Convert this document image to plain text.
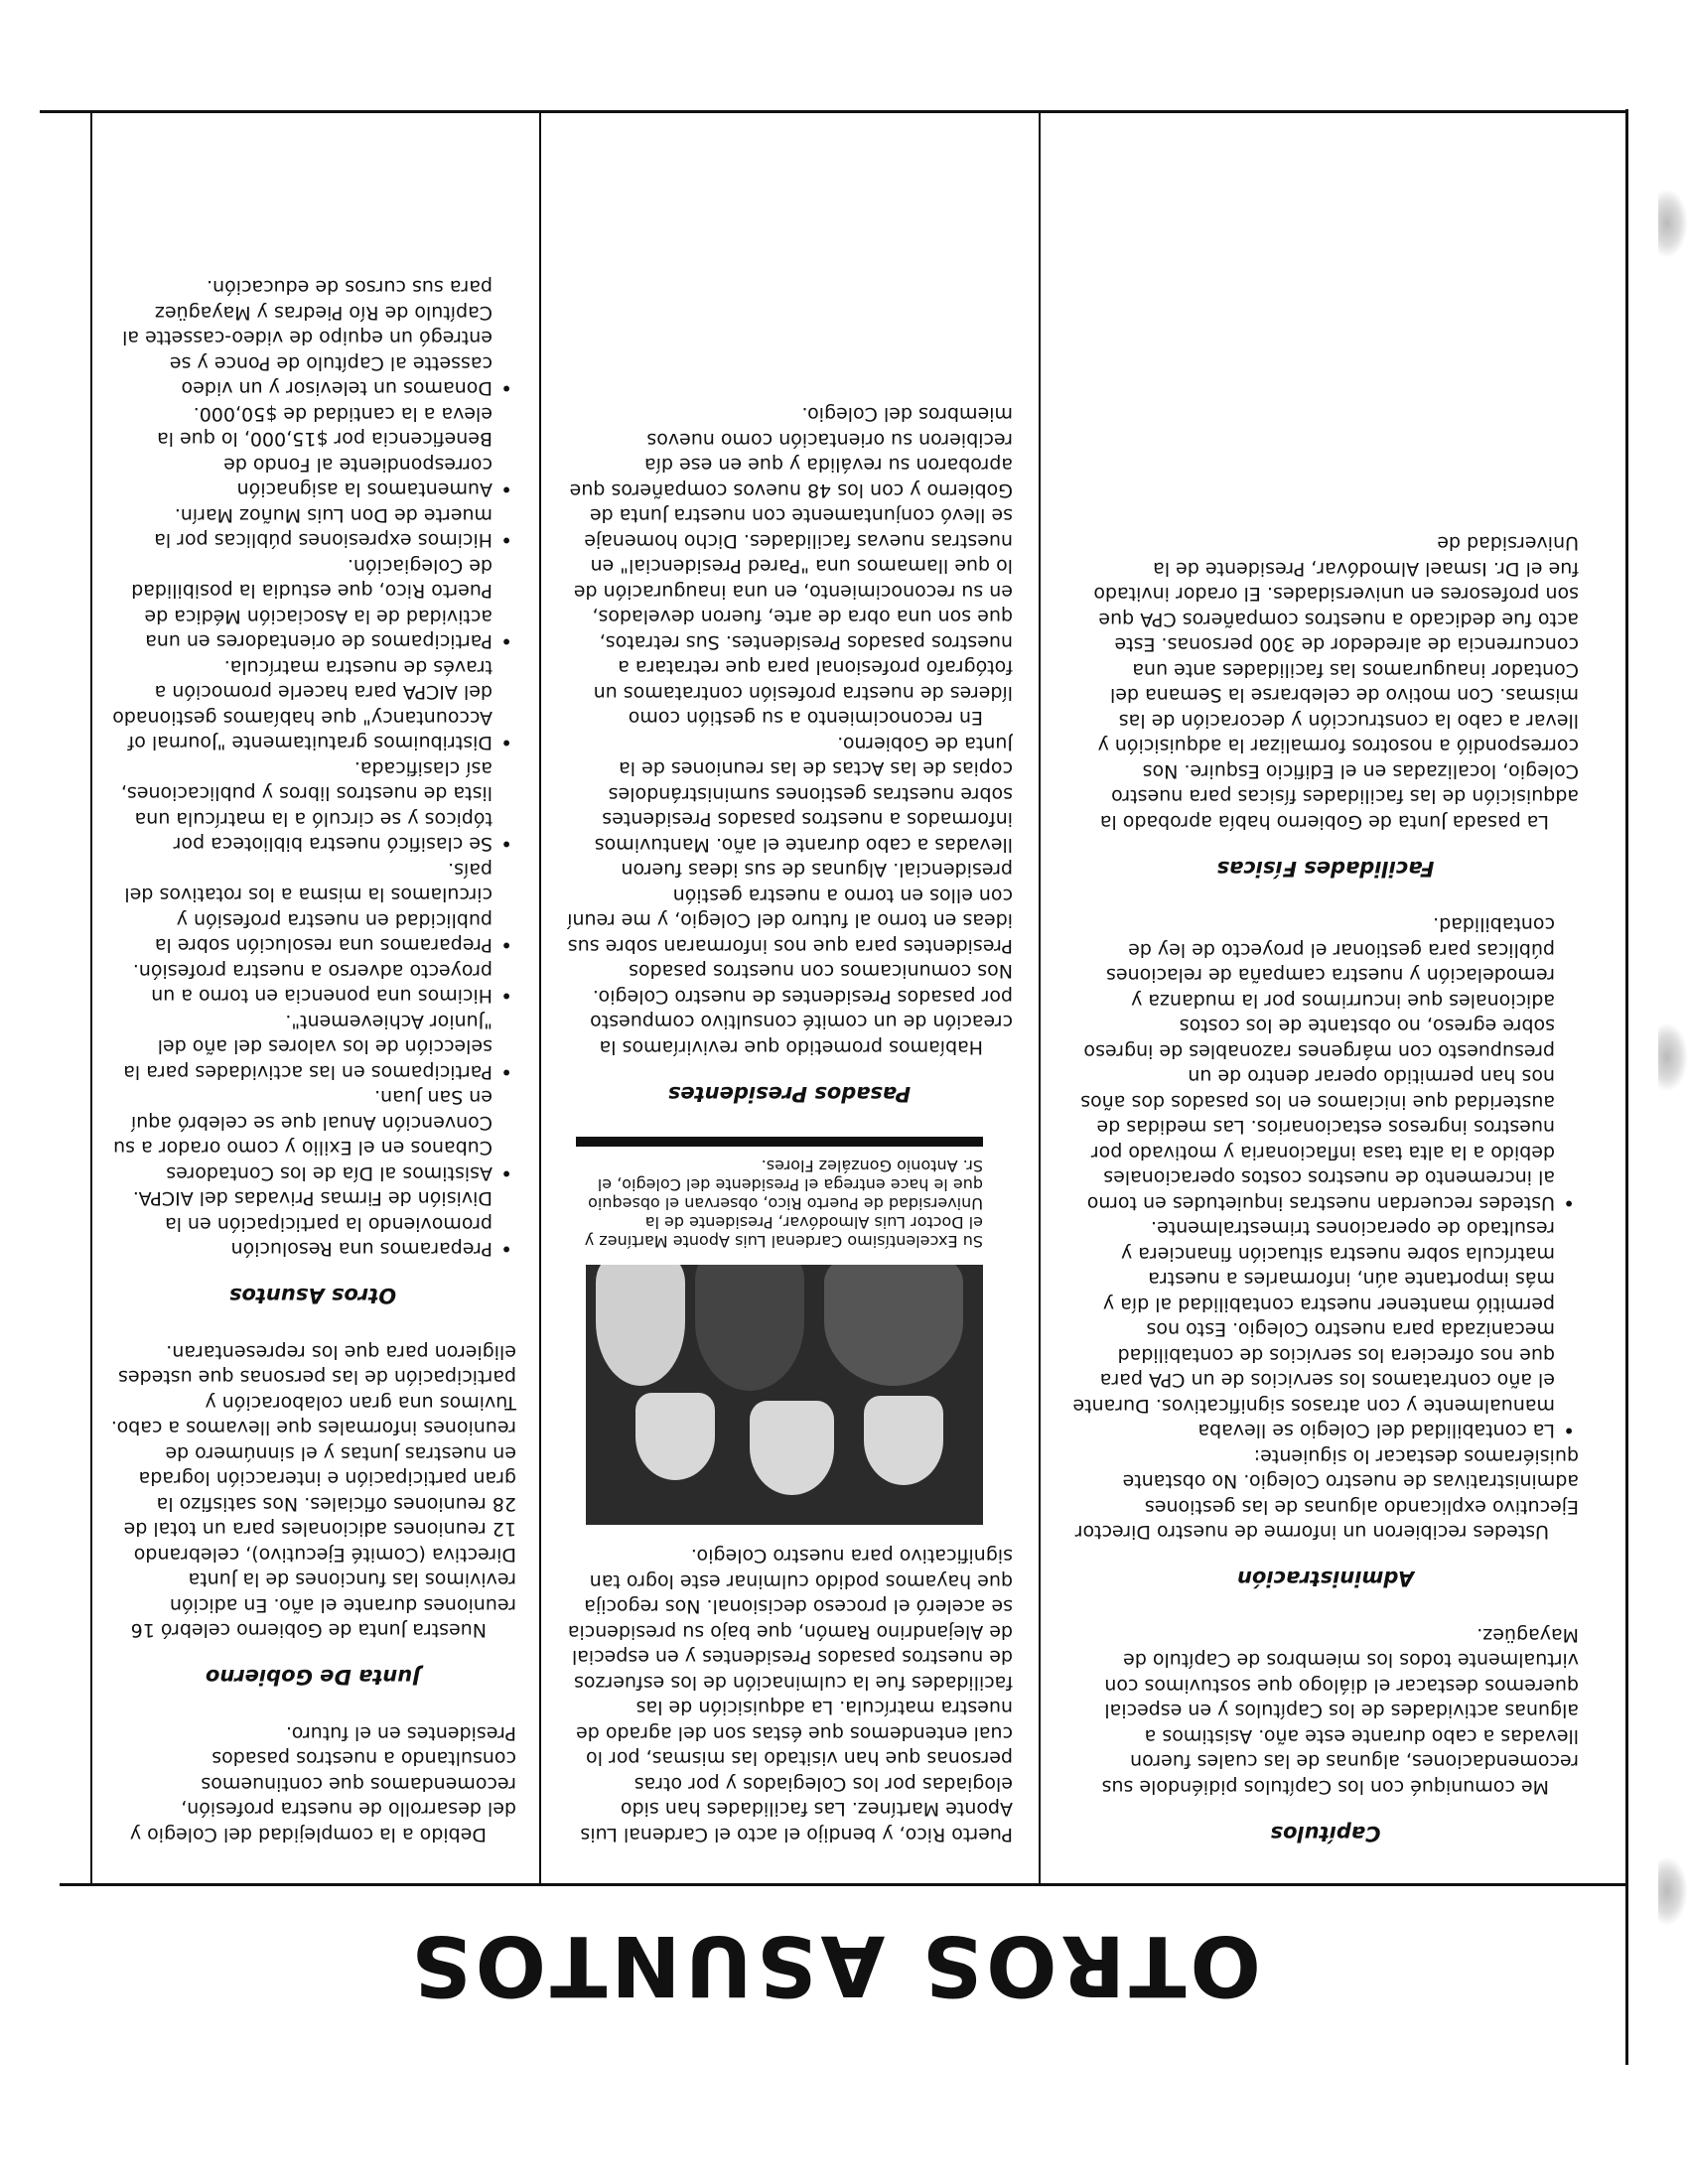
OTROS ASUNTOS
Capítulos

Me comuniqué con los Capítulos pidiéndole sus recomendaciones, algunas de las cuales fueron llevadas a cabo durante este año. Asistimos a algunas actividades de los Capítulos y en especial queremos destacar el diálogo que sostuvimos con virtualmente todos los miembros de Capítulo de Mayagüez.

Administración

Ustedes recibieron un informe de nuestro Director Ejecutivo explicando algunas de las gestiones administrativas de nuestro Colegio. No obstante quisiéramos destacar lo siguiente:

• La contabilidad del Colegio se llevaba manualmente y con atrasos significativos. Durante el año contratamos los servicios de un CPA para que nos ofreciera los servicios de contabilidad mecanizada para nuestro Colegio. Esto nos permitió mantener nuestra contabilidad al día y más importante aún, informarles a nuestra matrícula sobre nuestra situación financiera y resultado de operaciones trimestralmente.
• Ustedes recuerdan nuestras inquietudes en torno al incremento de nuestros costos operacionales debido a la alta tasa inflacionaria y motivado por nuestros ingresos estacionarios. Las medidas de austeridad que iniciamos en los pasados dos años nos han permitido operar dentro de un presupuesto con márgenes razonables de ingreso sobre egreso, no obstante de los costos adicionales que incurrimos por la mudanza y remodelación y nuestra campaña de relaciones públicas para gestionar el proyecto de ley de contabilidad.
Facilidades Físicas

La pasada Junta de Gobierno había aprobado la adquisición de las facilidades físicas para nuestro Colegio, localizadas en el Edificio Esquire. Nos correspondió a nosotros formalizar la adquisición y llevar a cabo la construcción y decoración de las mismas. Con motivo de celebrarse la Semana del Contador inauguramos las facilidades ante una concurrencia de alrededor de 300 personas. Este acto fue dedicado a nuestros compañeros CPA que son profesores en universidades. El orador invitado fue el Dr. Ismael Almodóvar, Presidente de la Universidad de

Puerto Rico, y bendijo el acto el Cardenal Luis Aponte Martínez. Las facilidades han sido elogiadas por los Colegiados y por otras personas que han visitado las mismas, por lo cual entendemos que éstas son del agrado de nuestra matrícula. La adquisición de las facilidades fue la culminación de los esfuerzos de nuestros pasados Presidentes y en especial de Alejandrino Ramón, que bajo su presidencia se aceleró el proceso decisional. Nos regocija que hayamos podido culminar este logro tan significativo para nuestro Colegio.

Su Excelentísimo Cardenal Luis Aponte Martínez y el Doctor Luis Almodóvar, Presidente de la Universidad de Puerto Rico, observan el obsequio que le hace entrega el Presidente del Colegio, el Sr. Antonio González Flores.

Pasados Presidentes

Habíamos prometido que reviviríamos la creación de un comité consultivo compuesto por pasados Presidentes de nuestro Colegio. Nos comunicamos con nuestros pasados Presidentes para que nos informaran sobre sus ideas en torno al futuro del Colegio, y me reuní con ellos en torno a nuestra gestión presidencial. Algunas de sus ideas fueron llevadas a cabo durante el año. Mantuvimos informados a nuestros pasados Presidentes sobre nuestras gestiones suministrándoles copias de las Actas de las reuniones de la Junta de Gobierno.

En reconocimiento a su gestión como líderes de nuestra profesión contratamos un fotógrafo profesional para que retratara a nuestros pasados Presidentes. Sus retratos, que son una obra de arte, fueron develados, en su reconocimiento, en una inauguración de lo que llamamos una "Pared Presidencial" en nuestras nuevas facilidades. Dicho homenaje se llevó conjuntamente con nuestra Junta de Gobierno y con los 48 nuevos compañeros que aprobaron su reválida y que en ese día recibieron su orientación como nuevos miembros del Colegio.

Debido a la complejidad del Colegio y del desarrollo de nuestra profesión, recomendamos que continuemos consultando a nuestros pasados Presidentes en el futuro.

Junta De Gobierno

Nuestra Junta de Gobierno celebró 16 reuniones durante el año. En adición revivimos las funciones de la Junta Directiva (Comité Ejecutivo), celebrando 12 reuniones adicionales para un total de 28 reuniones oficiales. Nos satisfizo la gran participación e interacción lograda en nuestras Juntas y el sinnúmero de reuniones informales que llevamos a cabo. Tuvimos una gran colaboración y participación de las personas que ustedes eligieron para que los representaran.

Otros Asuntos
• Preparamos una Resolución promoviendo la participación en la División de Firmas Privadas del AICPA.
• Asistimos al Día de los Contadores Cubanos en el Exilio y como orador a su Convención Anual que se celebró aquí en San Juan.
• Participamos en las actividades para la selección de los valores del año del "Junior Achievement".
• Hicimos una ponencia en torno a un proyecto adverso a nuestra profesión.
• Preparamos una resolución sobre la publicidad en nuestra profesión y circulamos la misma a los rotativos del país.
• Se clasificó nuestra biblioteca por tópicos y se circuló a la matrícula una lista de nuestros libros y publicaciones, así clasificada.
• Distribuimos gratuitamente "Journal of Accountancy" que habíamos gestionado del AICPA para hacerle promoción a través de nuestra matrícula.
• Participamos de orientadores en una actividad de la Asociación Médica de Puerto Rico, que estudia la posibilidad de Colegiación.
• Hicimos expresiones públicas por la muerte de Don Luis Muñoz Marín.
• Aumentamos la asignación correspondiente al Fondo de Beneficencia por $15,000, lo que la eleva a la cantidad de $50,000.
• Donamos un televisor y un video cassette al Capítulo de Ponce y se entregó un equipo de video-cassette al Capítulo de Río Piedras y Mayagüez para sus cursos de educación.
